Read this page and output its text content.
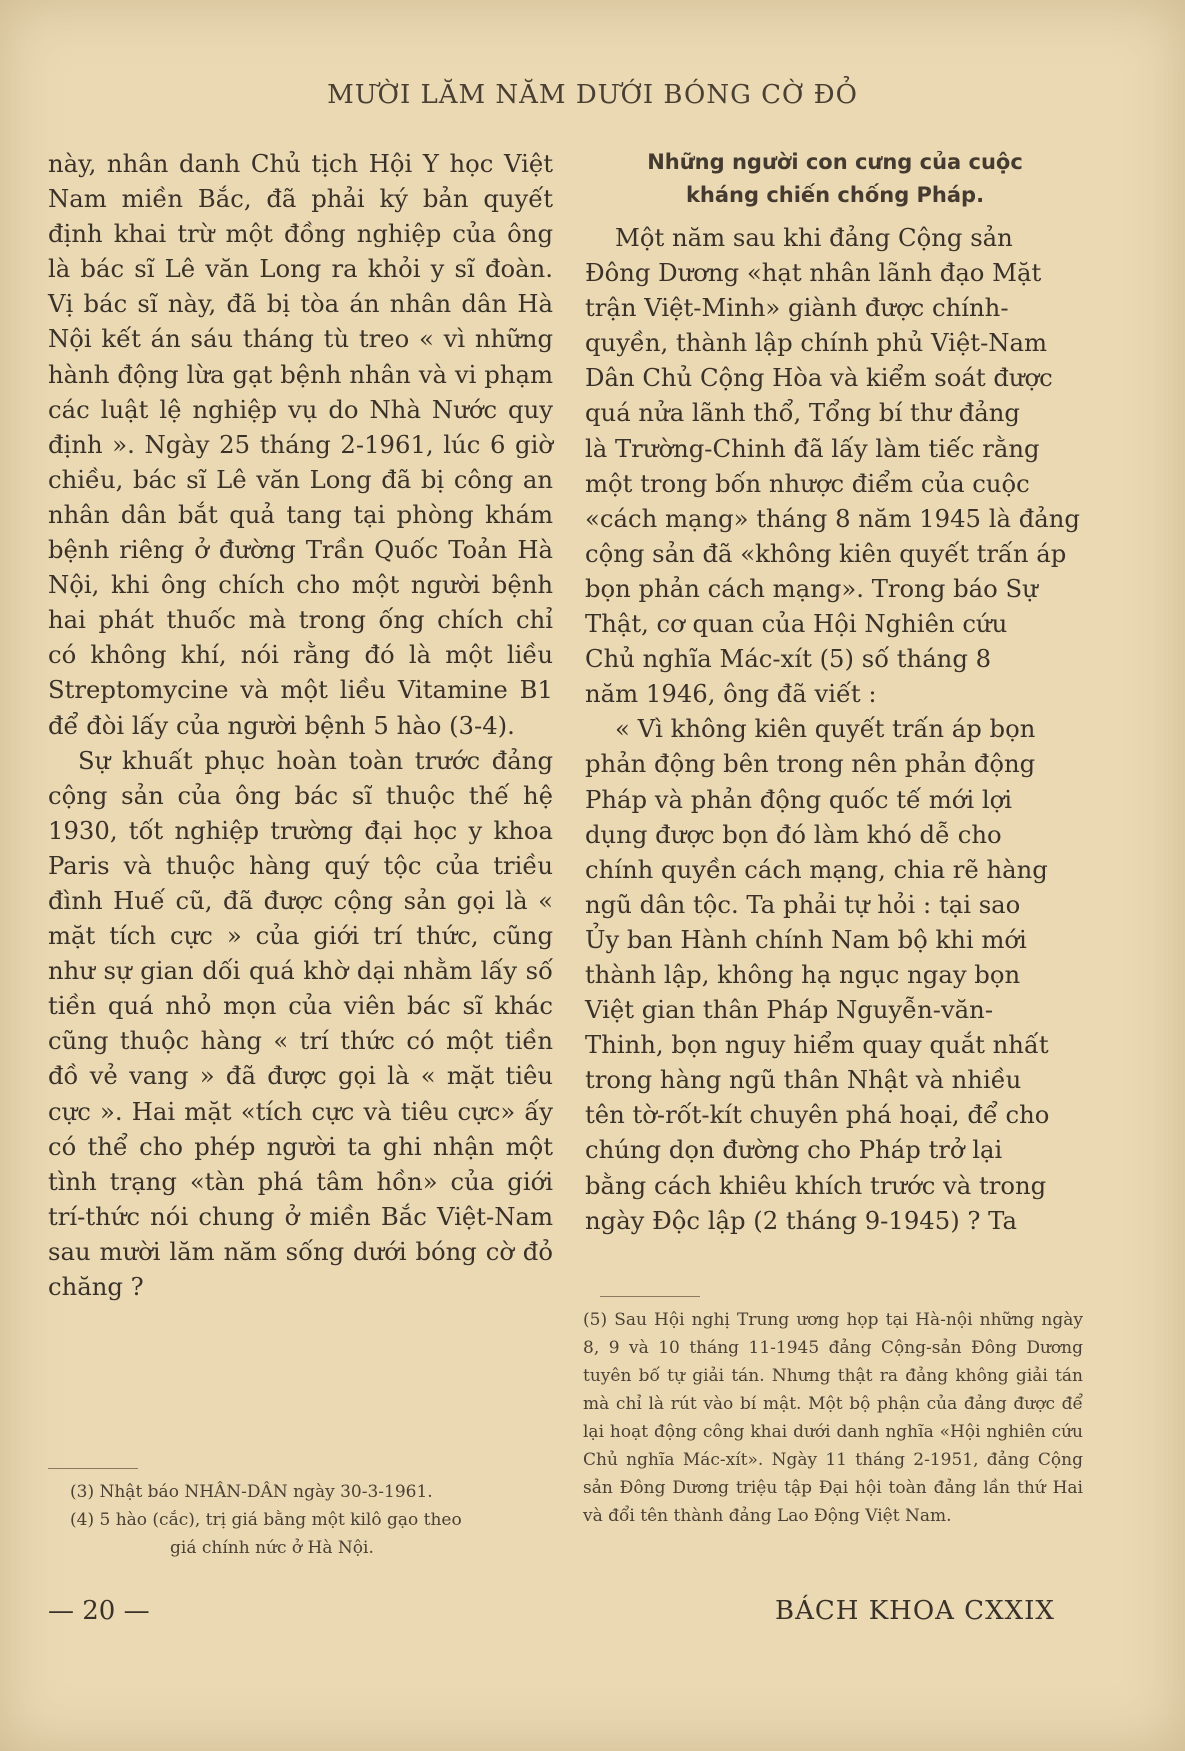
MƯỜI LĂM NĂM DƯỚI BÓNG CỜ ĐỎ

này, nhân danh Chủ tịch Hội Y học Việt Nam miền Bắc, đã phải ký bản quyết định khai trừ một đồng nghiệp của ông là bác sĩ Lê văn Long ra khỏi y sĩ đoàn. Vị bác sĩ này, đã bị tòa án nhân dân Hà Nội kết án sáu tháng tù treo « vì những hành động lừa gạt bệnh nhân và vi phạm các luật lệ nghiệp vụ do Nhà Nước quy định ». Ngày 25 tháng 2-1961, lúc 6 giờ chiều, bác sĩ Lê văn Long đã bị công an nhân dân bắt quả tang tại phòng khám bệnh riêng ở đường Trần Quốc Toản Hà Nội, khi ông chích cho một người bệnh hai phát thuốc mà trong ống chích chỉ có không khí, nói rằng đó là một liều Streptomycine và một liều Vitamine B1 để đòi lấy của người bệnh 5 hào (3-4).

Sự khuất phục hoàn toàn trước đảng cộng sản của ông bác sĩ thuộc thế hệ 1930, tốt nghiệp trường đại học y khoa Paris và thuộc hàng quý tộc của triều đình Huế cũ, đã được cộng sản gọi là « mặt tích cực » của giới trí thức, cũng như sự gian dối quá khờ dại nhằm lấy số tiền quá nhỏ mọn của viên bác sĩ khác cũng thuộc hàng « trí thức có một tiền đồ vẻ vang » đã được gọi là « mặt tiêu cực ». Hai mặt «tích cực và tiêu cực» ấy có thể cho phép người ta ghi nhận một tình trạng «tàn phá tâm hồn» của giới trí-thức nói chung ở miền Bắc Việt-Nam sau mười lăm năm sống dưới bóng cờ đỏ chăng ?

Những người con cưng của cuộc
kháng chiến chống Pháp.
Một năm sau khi đảng Cộng sản
Đông Dương «hạt nhân lãnh đạo Mặt
trận Việt-Minh» giành được chính-
quyền, thành lập chính phủ Việt-Nam
Dân Chủ Cộng Hòa và kiểm soát được
quá nửa lãnh thổ, Tổng bí thư đảng
là Trường-Chinh đã lấy làm tiếc rằng
một trong bốn nhược điểm của cuộc
«cách mạng» tháng 8 năm 1945 là đảng
cộng sản đã «không kiên quyết trấn áp
bọn phản cách mạng». Trong báo Sự
Thật, cơ quan của Hội Nghiên cứu
Chủ nghĩa Mác-xít (5) số tháng 8
năm 1946, ông đã viết :
« Vì không kiên quyết trấn áp bọn
phản động bên trong nên phản động
Pháp và phản động quốc tế mới lợi
dụng được bọn đó làm khó dễ cho
chính quyền cách mạng, chia rẽ hàng
ngũ dân tộc. Ta phải tự hỏi : tại sao
Ủy ban Hành chính Nam bộ khi mới
thành lập, không hạ ngục ngay bọn
Việt gian thân Pháp Nguyễn-văn-
Thinh, bọn nguy hiểm quay quắt nhất
trong hàng ngũ thân Nhật và nhiều
tên tờ-rốt-kít chuyên phá hoại, để cho
chúng dọn đường cho Pháp trở lại
bằng cách khiêu khích trước và trong
ngày Độc lập (2 tháng 9-1945) ? Ta
(3) Nhật báo NHÂN-DÂN ngày 30-3-1961.
(4) 5 hào (cắc), trị giá bằng một kilô gạo theo
giá chính nức ở Hà Nội.
(5) Sau Hội nghị Trung ương họp tại Hà-nội những ngày 8, 9 và 10 tháng 11-1945 đảng Cộng-sản Đông Dương tuyên bố tự giải tán. Nhưng thật ra đảng không giải tán mà chỉ là rút vào bí mật. Một bộ phận của đảng được để lại hoạt động công khai dưới danh nghĩa «Hội nghiên cứu Chủ nghĩa Mác-xít». Ngày 11 tháng 2-1951, đảng Cộng sản Đông Dương triệu tập Đại hội toàn đảng lần thứ Hai và đổi tên thành đảng Lao Động Việt Nam.
— 20 —	BÁCH KHOA CXXIX
